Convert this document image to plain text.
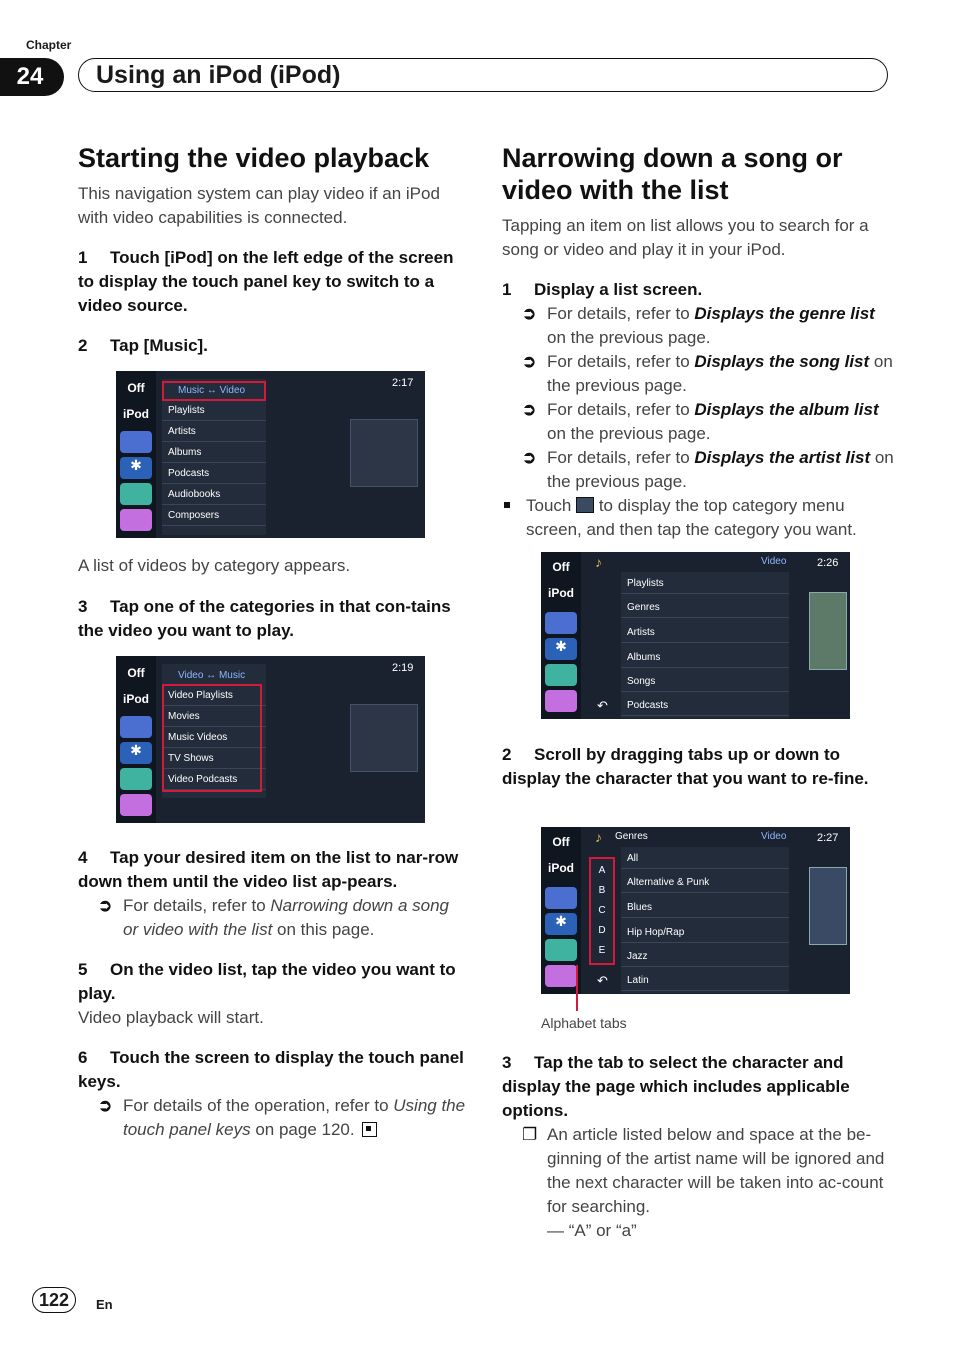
Chapter
24	Using an iPod (iPod)
Starting the video playback
This navigation system can play video if an iPod with video capabilities is connected.
1 Touch [iPod] on the left edge of the screen to display the touch panel key to switch to a video source.
2 Tap [Music].
Off
iPod
✱
Music ↔ Video
Playlists
Artists
Albums
Podcasts
Audiobooks
Composers
2:17
A list of videos by category appears.
3 Tap one of the categories in that con-tains the video you want to play.
Off
iPod
✱
Video ↔ Music
Video Playlists
Movies
Music Videos
TV Shows
Video Podcasts
2:19
4 Tap your desired item on the list to nar-row down them until the video list ap-pears.
➲ For details, refer to Narrowing down a song or video with the list on this page.
5 On the video list, tap the video you want to play.
Video playback will start.
6 Touch the screen to display the touch panel keys.
➲ For details of the operation, refer to Using the touch panel keys on page 120.
Narrowing down a song or
video with the list
Tapping an item on list allows you to search for a song or video and play it in your iPod.
1 Display a list screen.
➲ For details, refer to Displays the genre list on the previous page.
➲ For details, refer to Displays the song list on the previous page.
➲ For details, refer to Displays the album list on the previous page.
➲ For details, refer to Displays the artist list on the previous page.
Touch  to display the top category menu screen, and then tap the category you want.
Off
iPod
✱
♪	Video	2:26
Playlists
Genres
Artists
Albums
Songs
Podcasts
↶
2 Scroll by dragging tabs up or down to display the character that you want to re-fine.
Off
iPod
✱
♪ Genres	Video	2:27
A
B
C
D
E
All
Alternative & Punk
Blues
Hip Hop/Rap
Jazz
Latin
↶
Alphabet tabs
3 Tap the tab to select the character and display the page which includes applicable options.
❐ An article listed below and space at the be-ginning of the artist name will be ignored and the next character will be taken into ac-count for searching.
— “A” or “a”
122	En
